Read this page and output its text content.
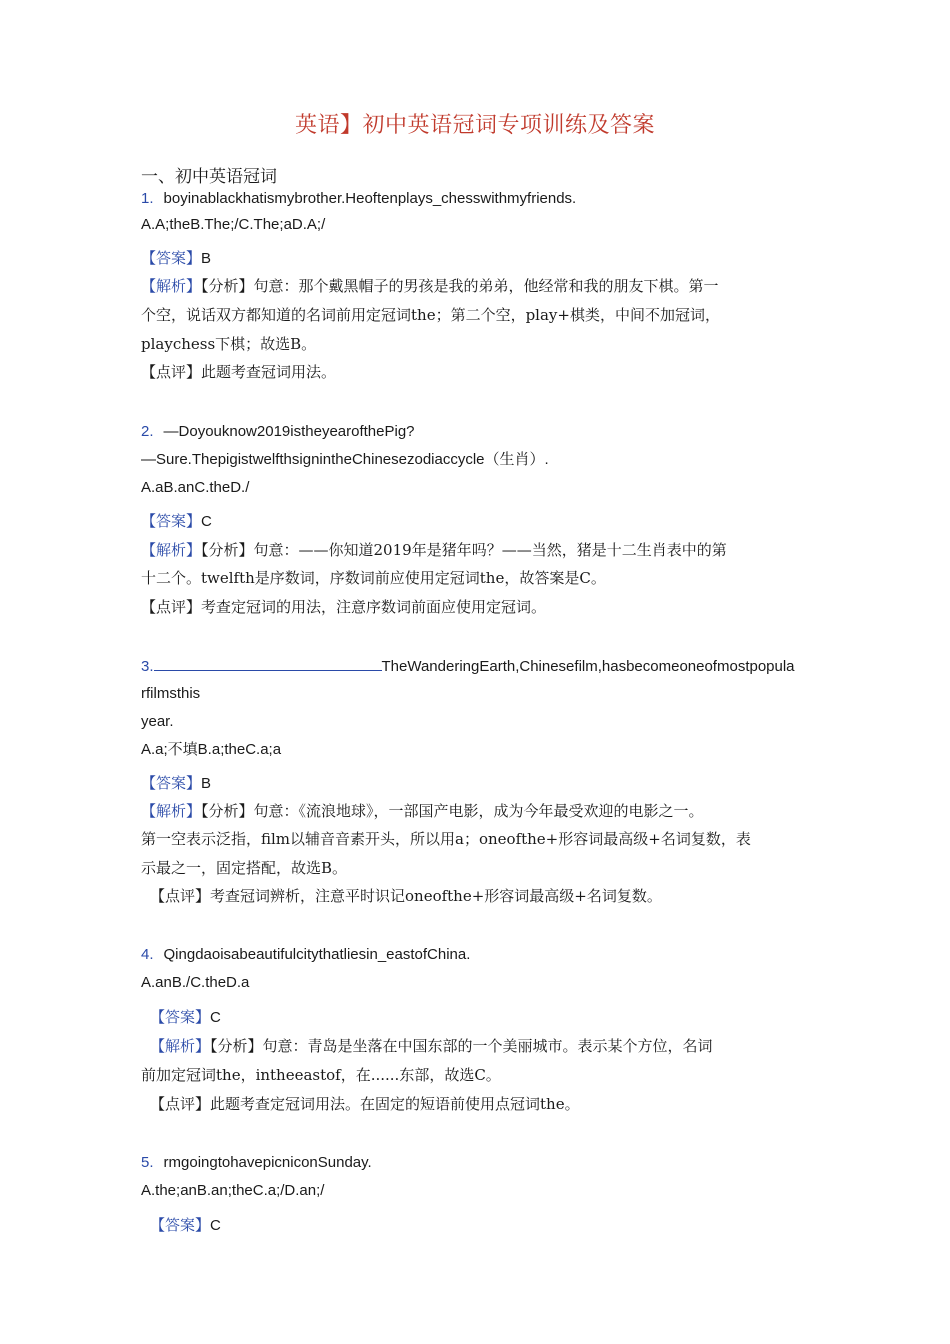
英语】初中英语冠词专项训练及答案
一、初中英语冠词
1. boyinablackhatismybrother.Heoftenplays_chesswithmyfriends.
A.A;theB.The;/C.The;aD.A;/
【答案】B
【解析】【分析】句意：那个戴黑帽子的男孩是我的弟弟，他经常和我的朋友下棋。第一
个空，说话双方都知道的名词前用定冠词the；第二个空，play+棋类，中间不加冠词，
playchess下棋；故选B。
【点评】此题考查冠词用法。
2. —Doyouknow2019istheyearofthePig?
—Sure.ThepigistwelfthsignintheChinesezodiaccycle（生肖）.
A.aB.anC.theD./
【答案】C
【解析】【分析】句意：——你知道2019年是猪年吗？——当然，猪是十二生肖表中的第
十二个。twelfth是序数词，序数词前应使用定冠词the，故答案是C。
【点评】考查定冠词的用法，注意序数词前面应使用定冠词。
3.	TheWanderingEarth,Chinesefilm,hasbecomeoneofmostpopula
rfilmsthis
year.
A.a;不填B.a;theC.a;a
【答案】B
【解析】【分析】句意：《流浪地球》，一部国产电影，成为今年最受欢迎的电影之一。
第一空表示泛指，film以辅音音素开头，所以用a；oneofthe+形容词最高级+名词复数，表
示最之一，固定搭配，故选B。
【点评】考查冠词辨析，注意平时识记oneofthe+形容词最高级+名词复数。
4. Qingdaoisabeautifulcitythatliesin_eastofChina.
A.anB./C.theD.a
【答案】C
【解析】【分析】句意：青岛是坐落在中国东部的一个美丽城市。表示某个方位，名词
前加定冠词the，intheeastof，在......东部，故选C。
【点评】此题考查定冠词用法。在固定的短语前使用点冠词the。
5. rmgoingtohavepicniconSunday.
A.the;anB.an;theC.a;/D.an;/
【答案】C
